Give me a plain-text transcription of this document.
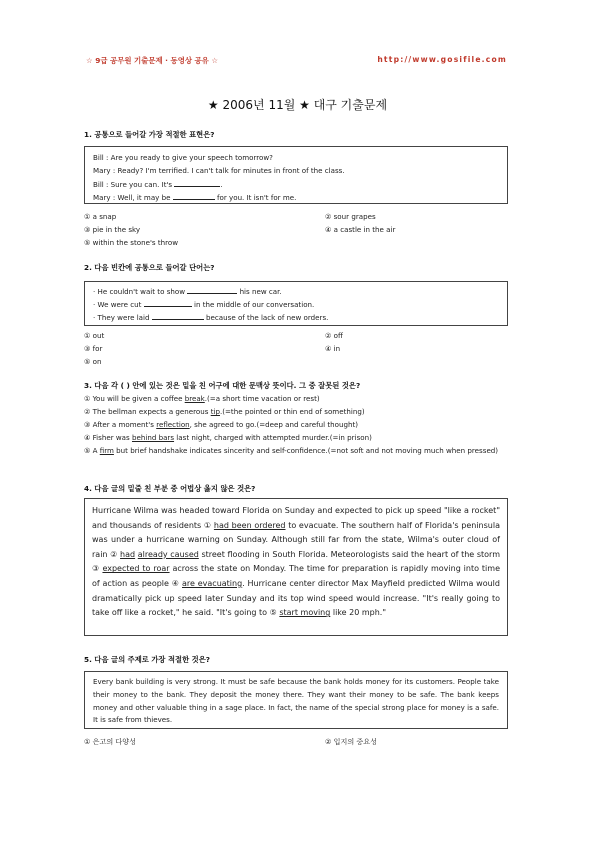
☆ 9급 공무원 기출문제 · 동영상 공유 ☆	http://www.gosifile.com
★ 2006년 11월 ★ 대구 기출문제
1. 공통으로 들어갈 가장 적절한 표현은?
Bill : Are you ready to give your speech tomorrow?
Mary : Ready? I'm terrified. I can't talk for minutes in front of the class.
Bill : Sure you can. It's	.
Mary : Well, it may be	for you. It isn't for me.
① a snap	② sour grapes
③ pie in the sky	④ a castle in the air
⑤ within the stone's throw
2. 다음 빈칸에 공통으로 들어갈 단어는?
· He couldn't wait to show	his new car.
· We were cut	in the middle of our conversation.
· They were laid	because of the lack of new orders.
① out	② off
③ for	④ in
⑤ on
3. 다음 각 ( ) 안에 있는 것은 밑을 친 어구에 대한 문맥상 뜻이다. 그 중 잘못된 것은?
① You will be given a coffee break.(=a short time vacation or rest)
② The bellman expects a generous tip.(=the pointed or thin end of something)
③ After a moment's reflection, she agreed to go.(=deep and careful thought)
④ Fisher was behind bars last night, charged with attempted murder.(=in prison)
⑤ A firm but brief handshake indicates sincerity and self-confidence.(=not soft and not moving much when pressed)
4. 다음 글의 밑줄 친 부분 중 어법상 옳지 않은 것은?
Hurricane Wilma was headed toward Florida on Sunday and expected to pick up speed "like a rocket" and thousands of residents ① had been ordered to evacuate. The southern half of Florida's peninsula was under a hurricane warning on Sunday. Although still far from the state, Wilma's outer cloud of rain ② had already caused street flooding in South Florida. Meteorologists said the heart of the storm ③ expected to roar across the state on Monday. The time for preparation is rapidly moving into time of action as people ④ are evacuating. Hurricane center director Max Mayfield predicted Wilma would dramatically pick up speed later Sunday and its top wind speed would increase. "It's really going to take off like a rocket," he said. "It's going to ⑤ start moving like 20 mph."
5. 다음 글의 주제로 가장 적절한 것은?
Every bank building is very strong. It must be safe because the bank holds money for its customers. People take their money to the bank. They deposit the money there. They want their money to be safe. The bank keeps money and other valuable thing in a sage place. In fact, the name of the special strong place for money is a safe. It is safe from thieves.
① 은고의 다양성	② 입지의 중요성
